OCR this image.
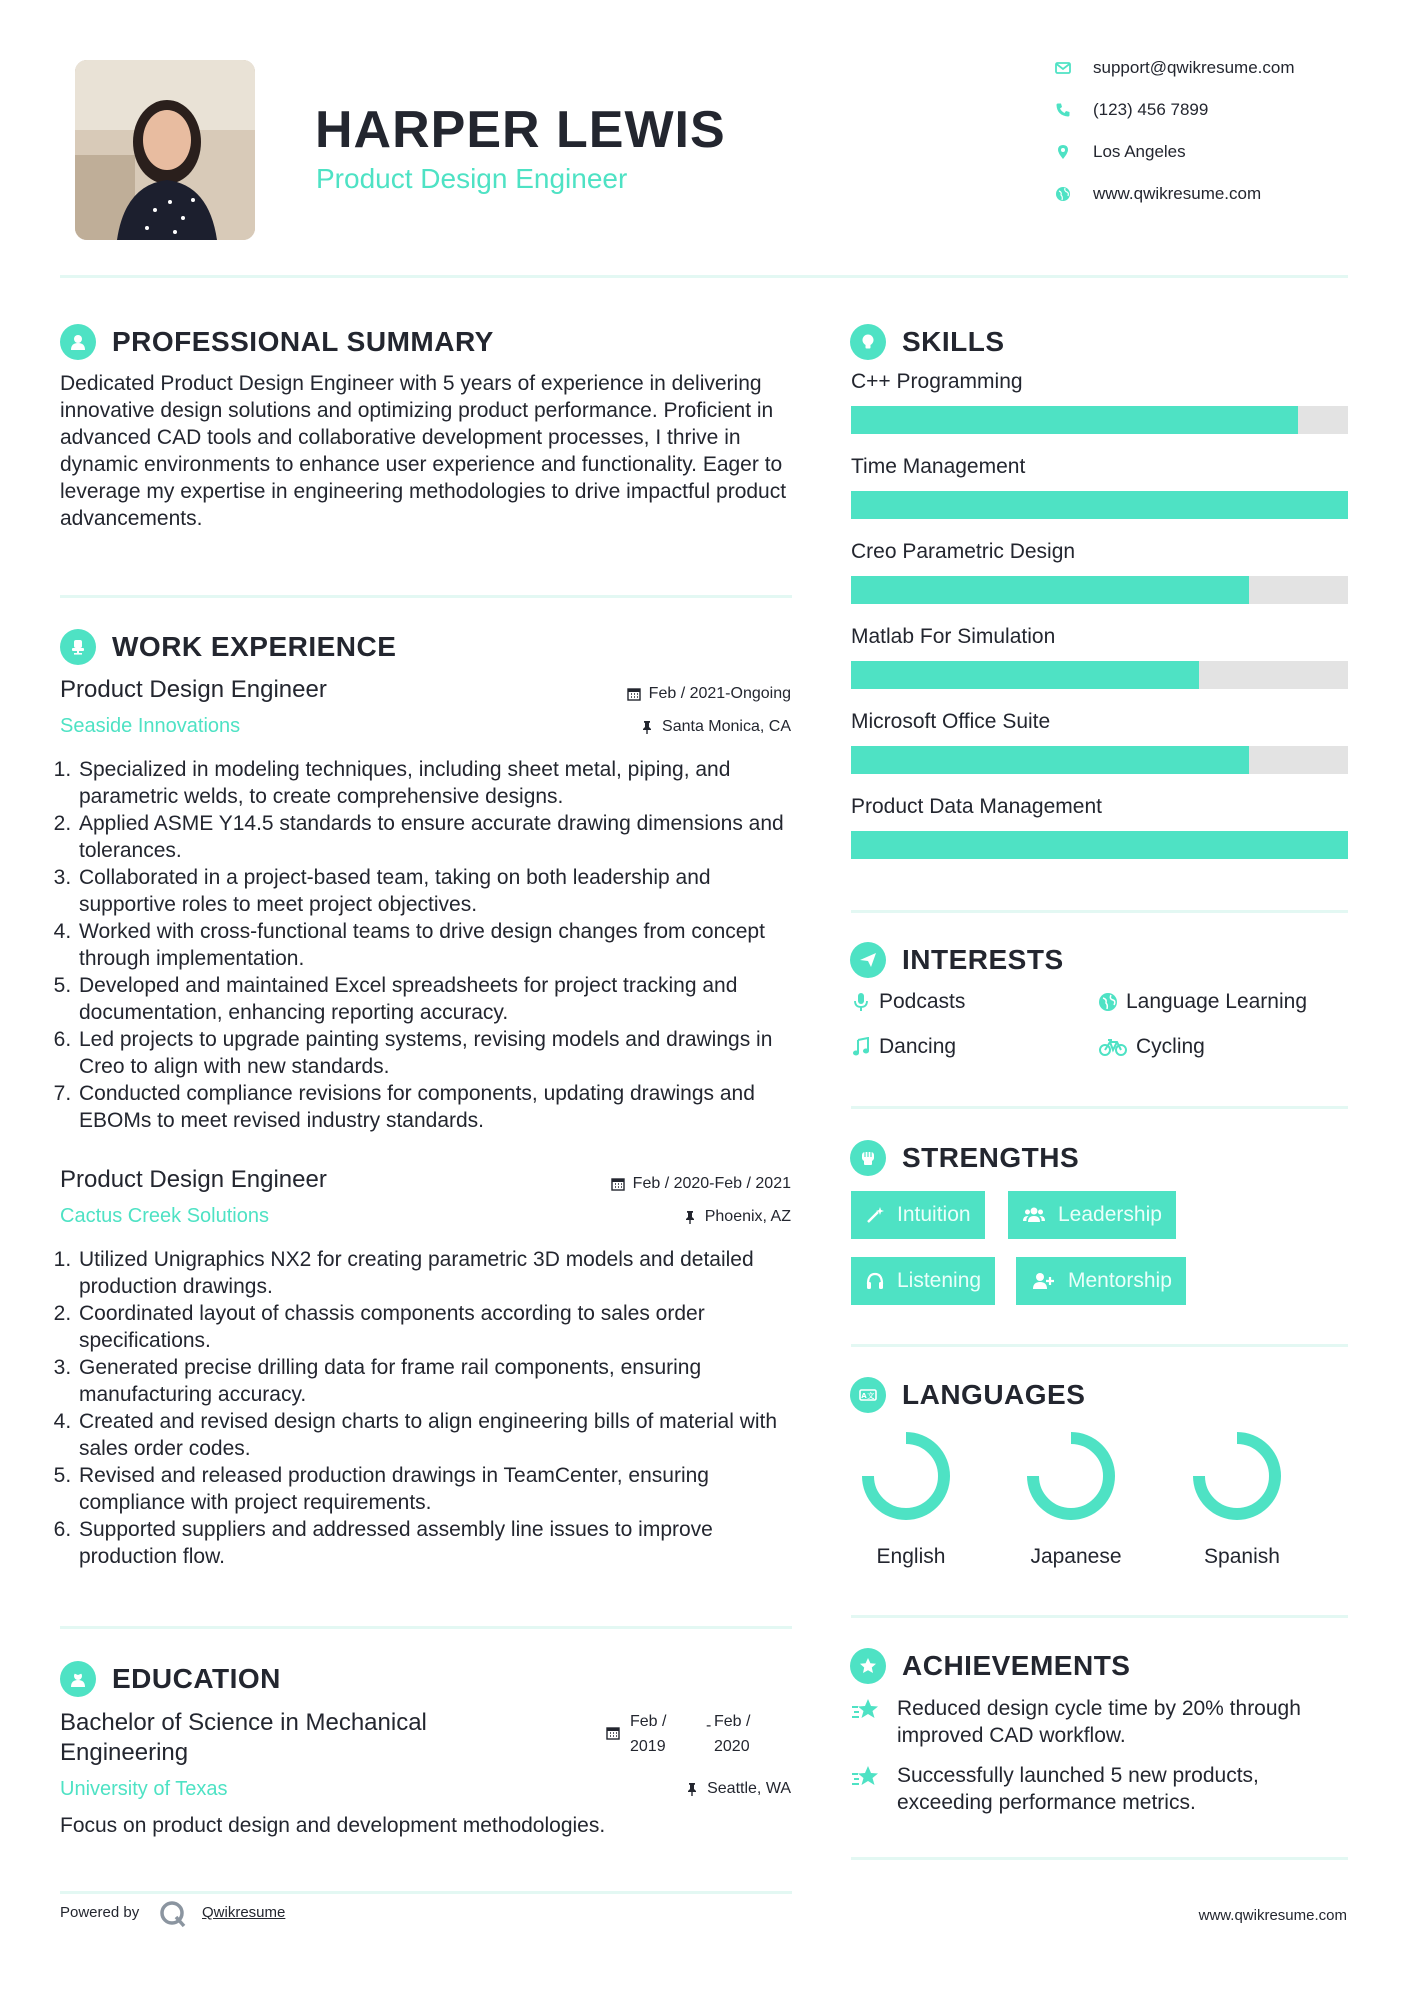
HARPER LEWIS
Product Design Engineer
support@qwikresume.com
(123) 456 7899
Los Angeles
www.qwikresume.com
PROFESSIONAL SUMMARY
Dedicated Product Design Engineer with 5 years of experience in delivering innovative design solutions and optimizing product performance. Proficient in advanced CAD tools and collaborative development processes, I thrive in dynamic environments to enhance user experience and functionality. Eager to leverage my expertise in engineering methodologies to drive impactful product advancements.
WORK EXPERIENCE
Product Design Engineer	Feb / 2021-Ongoing
Seaside Innovations	Santa Monica, CA
1. Specialized in modeling techniques, including sheet metal, piping, and parametric welds, to create comprehensive designs.
2. Applied ASME Y14.5 standards to ensure accurate drawing dimensions and tolerances.
3. Collaborated in a project-based team, taking on both leadership and supportive roles to meet project objectives.
4. Worked with cross-functional teams to drive design changes from concept through implementation.
5. Developed and maintained Excel spreadsheets for project tracking and documentation, enhancing reporting accuracy.
6. Led projects to upgrade painting systems, revising models and drawings in Creo to align with new standards.
7. Conducted compliance revisions for components, updating drawings and EBOMs to meet revised industry standards.
Product Design Engineer	Feb / 2020-Feb / 2021
Cactus Creek Solutions	Phoenix, AZ
1. Utilized Unigraphics NX2 for creating parametric 3D models and detailed production drawings.
2. Coordinated layout of chassis components according to sales order specifications.
3. Generated precise drilling data for frame rail components, ensuring manufacturing accuracy.
4. Created and revised design charts to align engineering bills of material with sales order codes.
5. Revised and released production drawings in TeamCenter, ensuring compliance with project requirements.
6. Supported suppliers and addressed assembly line issues to improve production flow.
EDUCATION
Bachelor of Science in Mechanical Engineering
Feb / 2019
- Feb / 2020
University of Texas	Seattle, WA
Focus on product design and development methodologies.
Powered by	Qwikresume	www.qwikresume.com
SKILLS
C++ Programming
Time Management
Creo Parametric Design
Matlab For Simulation
Microsoft Office Suite
Product Data Management
INTERESTS
Podcasts	Language Learning
Dancing	Cycling
STRENGTHS
Intuition	Leadership
Listening	Mentorship
A文 LANGUAGES
English	Japanese	Spanish
ACHIEVEMENTS
Reduced design cycle time by 20% through improved CAD workflow.
Successfully launched 5 new products, exceeding performance metrics.
